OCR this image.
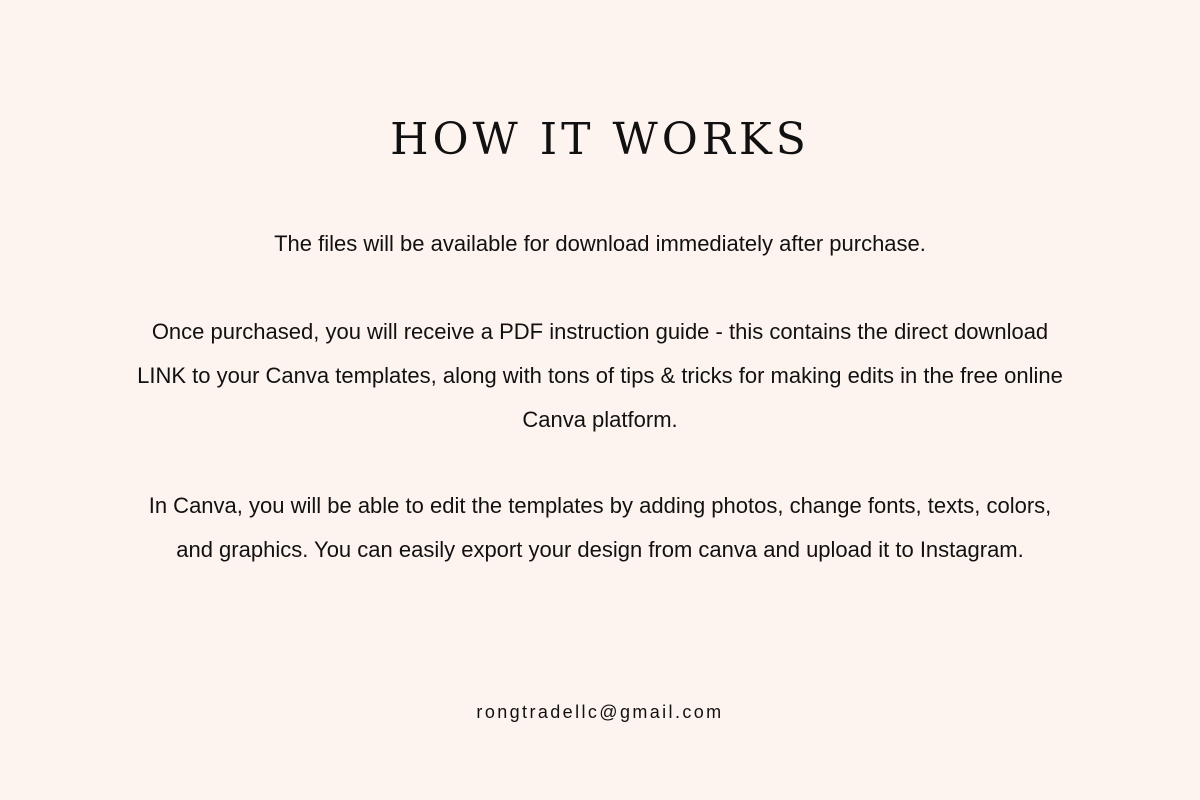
HOW IT WORKS

The files will be available for download immediately after purchase.

Once purchased, you will receive a PDF instruction guide - this contains the direct download LINK to your Canva templates, along with tons of tips & tricks for making edits in the free online Canva platform.

In Canva, you will be able to edit the templates by adding photos, change fonts, texts, colors, and graphics. You can easily export your design from canva and upload it to Instagram.

rongtradellc@gmail.com
